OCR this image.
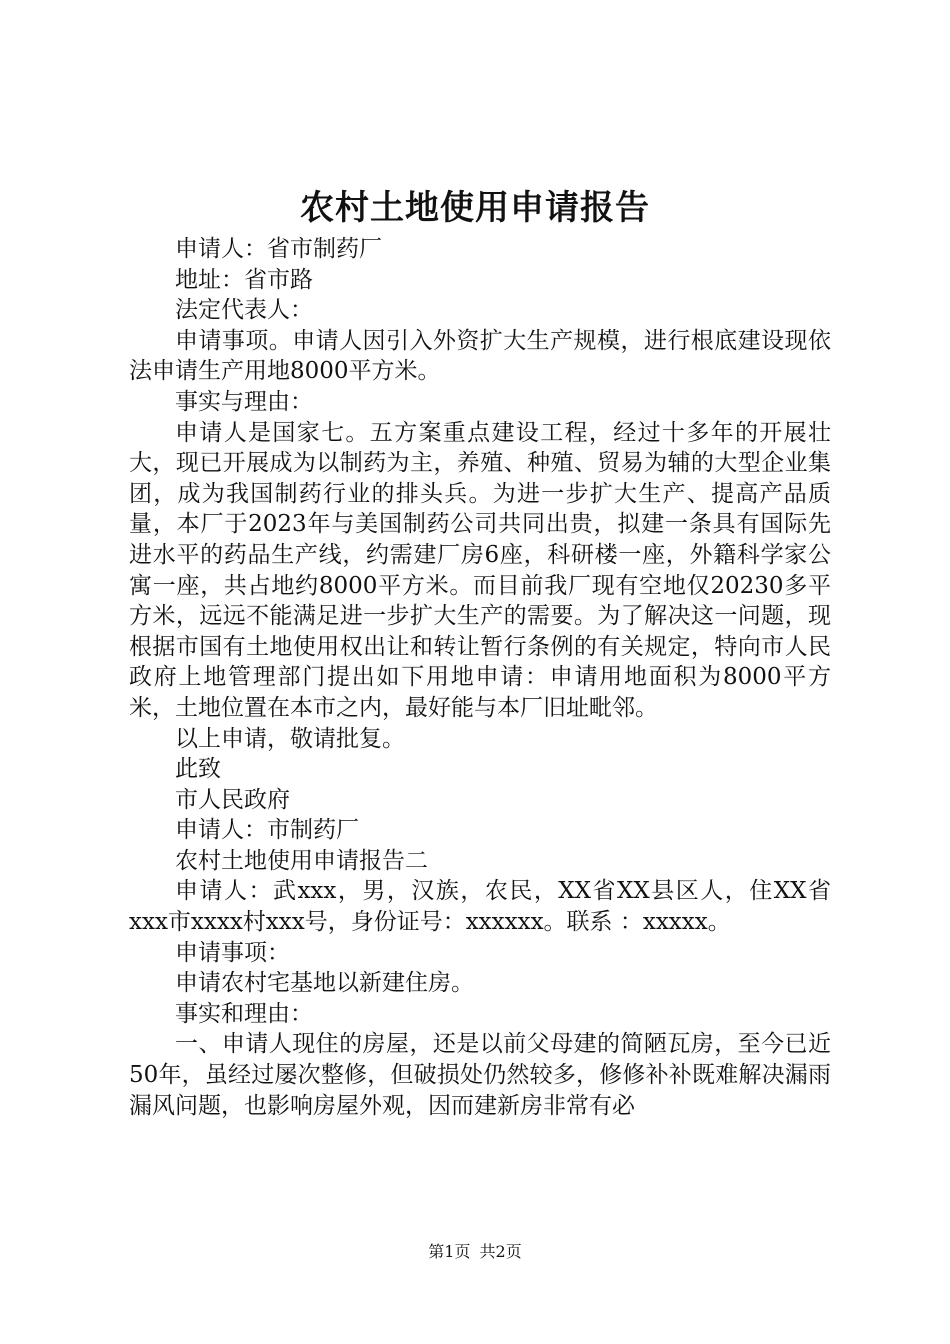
农村土地使用申请报告

申请人：省市制药厂

地址：省市路

法定代表人：

申请事项。申请人因引入外资扩大生产规模，进行根底建设现依法申请生产用地8000平方米。

事实与理由：

申请人是国家七。五方案重点建设工程，经过十多年的开展壮大，现已开展成为以制药为主，养殖、种殖、贸易为辅的大型企业集团，成为我国制药行业的排头兵。为进一步扩大生产、提高产品质量，本厂于2023年与美国制药公司共同出贵，拟建一条具有国际先进水平的药品生产线，约需建厂房6座，科研楼一座，外籍科学家公寓一座，共占地约8000平方米。而目前我厂现有空地仅20230多平方米，远远不能满足进一步扩大生产的需要。为了解决这一问题，现根据市国有土地使用权出让和转让暂行条例的有关规定，特向市人民政府上地管理部门提出如下用地申请：申请用地面积为8000平方米，土地位置在本市之内，最好能与本厂旧址毗邻。

以上申请，敬请批复。

此致

市人民政府

申请人：市制药厂

农村土地使用申请报告二

申请人：武xxx，男，汉族，农民，XX省XX县区人，住XX省xxx市xxxx村xxx号，身份证号：xxxxxx。联系 ：xxxxx。

申请事项：

申请农村宅基地以新建住房。

事实和理由：

一、申请人现住的房屋，还是以前父母建的简陋瓦房，至今已近50年，虽经过屡次整修，但破损处仍然较多，修修补补既难解决漏雨漏风问题，也影响房屋外观，因而建新房非常有必

第1页 共2页
